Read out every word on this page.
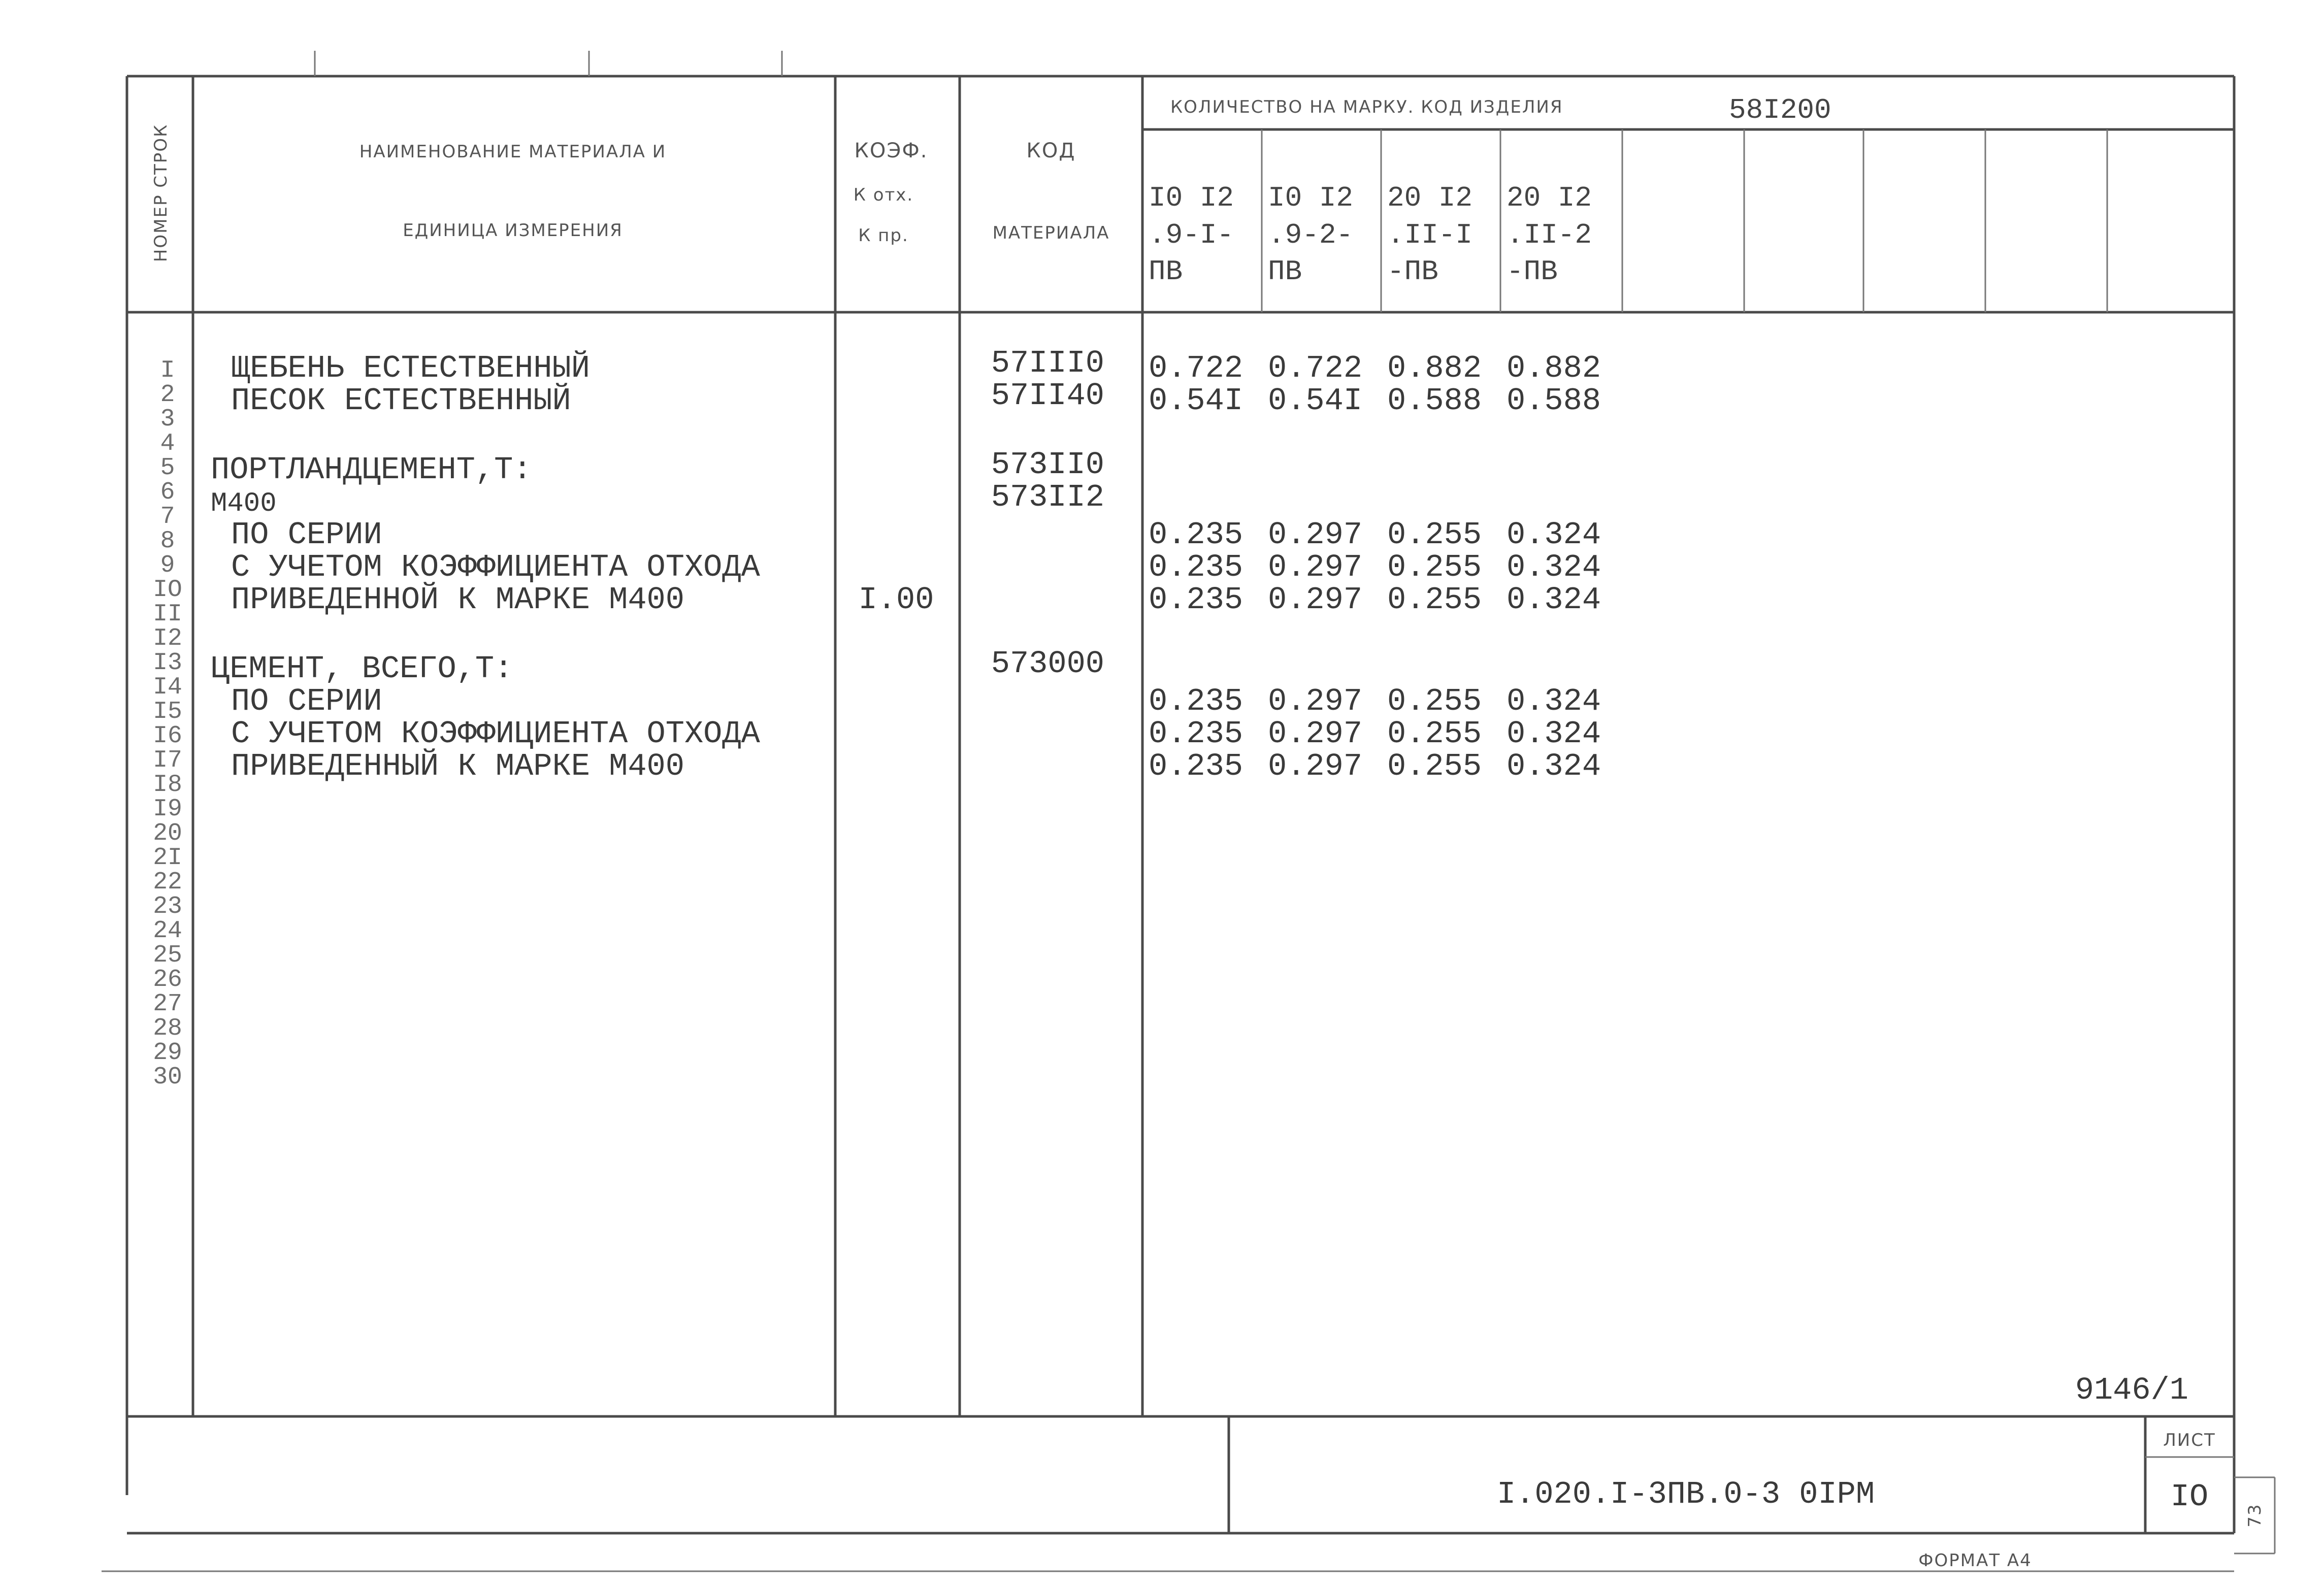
НОМЕР СТРОК	НАИМЕНОВАНИЕ МАТЕРИАЛА И
ЕДИНИЦА ИЗМЕРЕНИЯ
КОЭФ.
К отх.
К пр.
КОД
МАТЕРИАЛА
КОЛИЧЕСТВО НА МАРКУ. КОД ИЗДЕЛИЯ	58I200
I0 I2
.9-I-
ПВ
I0 I2
.9-2-
ПВ
20 I2
.II-I
-ПВ
20 I2
.II-2
-ПВ
I
2
3
4
5
6
7
8
9
IO
II
I2
I3
I4
I5
I6
I7
I8
I9
20
2I
22
23
24
25
26
27
28
29
30
ЩЕБЕНЬ ЕСТЕСТВЕННЫЙ
ПЕСОК ЕСТЕСТВЕННЫЙ
ПОРТЛАНДЦЕМЕНТ,Т:
М400
ПО СЕРИИ
С УЧЕТОМ КОЭФФИЦИЕНТА ОТХОДА
ПРИВЕДЕННОЙ К МАРКЕ М400
ЦЕМЕНТ, ВСЕГО,Т:
ПО СЕРИИ
С УЧЕТОМ КОЭФФИЦИЕНТА ОТХОДА
ПРИВЕДЕННЫЙ К МАРКЕ М400
I.00
57III0
57II40
573II0
573II2
573000
0.722 0.722 0.882 0.882
0.54I 0.54I 0.588 0.588
0.235 0.297 0.255 0.324
0.235 0.297 0.255 0.324
0.235 0.297 0.255 0.324
0.235 0.297 0.255 0.324
0.235 0.297 0.255 0.324
0.235 0.297 0.255 0.324
9146/1
I.020.I-3ПВ.0-3 0IРМ
ЛИСТ
IO
ФОРМАТ А4
73
